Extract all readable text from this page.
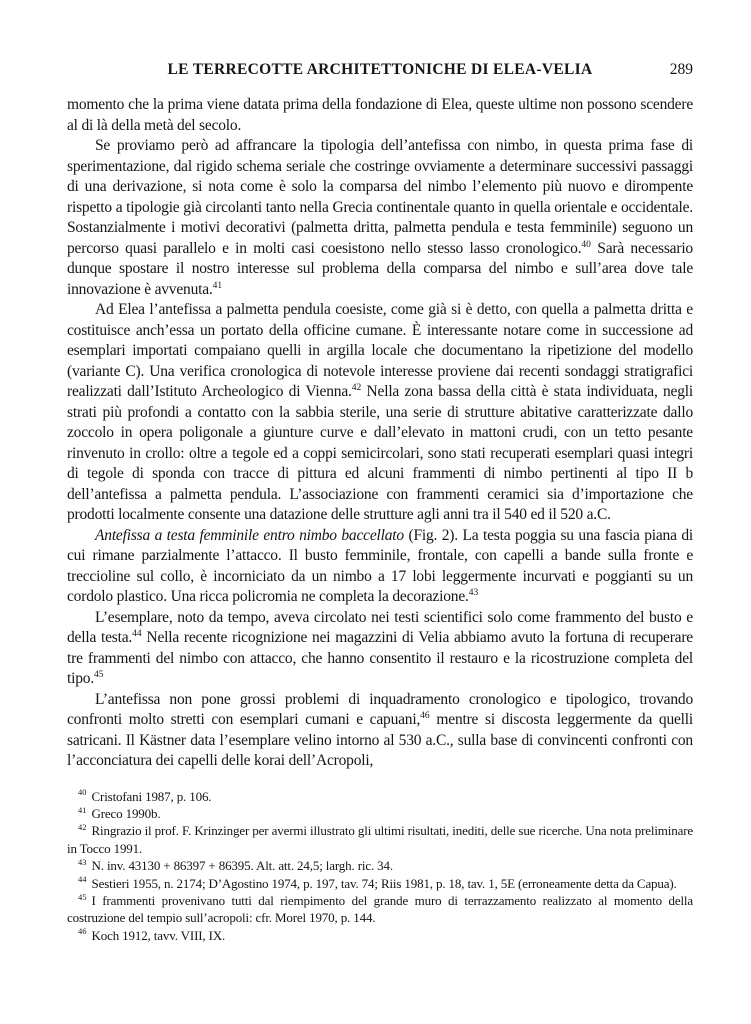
LE TERRECOTTE ARCHITETTONICHE DI ELEA-VELIA	289

momento che la prima viene datata prima della fondazione di Elea, queste ultime non possono scendere al di là della metà del secolo.

Se proviamo però ad affrancare la tipologia dell’antefissa con nimbo, in questa prima fase di sperimentazione, dal rigido schema seriale che costringe ovviamente a determinare successivi passaggi di una derivazione, si nota come è solo la comparsa del nimbo l’elemento più nuovo e dirompente rispetto a tipologie già circolanti tanto nella Grecia continentale quanto in quella orientale e occidentale. Sostanzialmente i motivi decorativi (palmetta dritta, palmetta pendula e testa femminile) seguono un percorso quasi parallelo e in molti casi coesistono nello stesso lasso cronologico.$^{40}$ Sarà necessario dunque spostare il nostro interesse sul problema della comparsa del nimbo e sull’area dove tale innovazione è avvenuta.$^{41}$

Ad Elea l’antefissa a palmetta pendula coesiste, come già si è detto, con quella a palmetta dritta e costituisce anch’essa un portato della officine cumane. È interessante notare come in successione ad esemplari importati compaiano quelli in argilla locale che documentano la ripetizione del modello (variante C). Una verifica cronologica di notevole interesse proviene dai recenti sondaggi stratigrafici realizzati dall’Istituto Archeologico di Vienna.$^{42}$ Nella zona bassa della città è stata individuata, negli strati più profondi a contatto con la sabbia sterile, una serie di strutture abitative caratterizzate dallo zoccolo in opera poligonale a giunture curve e dall’elevato in mattoni crudi, con un tetto pesante rinvenuto in crollo: oltre a tegole ed a coppi semicircolari, sono stati recuperati esemplari quasi integri di tegole di sponda con tracce di pittura ed alcuni frammenti di nimbo pertinenti al tipo II b dell’antefissa a palmetta pendula. L’associazione con frammenti ceramici sia d’importazione che prodotti localmente consente una datazione delle strutture agli anni tra il 540 ed il 520 a.C.

Antefissa a testa femminile entro nimbo baccellato (Fig. 2). La testa poggia su una fascia piana di cui rimane parzialmente l’attacco. Il busto femminile, frontale, con capelli a bande sulla fronte e treccioline sul collo, è incorniciato da un nimbo a 17 lobi leggermente incurvati e poggianti su un cordolo plastico. Una ricca policromia ne completa la decorazione.$^{43}$

L’esemplare, noto da tempo, aveva circolato nei testi scientifici solo come frammento del busto e della testa.$^{44}$ Nella recente ricognizione nei magazzini di Velia abbiamo avuto la fortuna di recuperare tre frammenti del nimbo con attacco, che hanno consentito il restauro e la ricostruzione completa del tipo.$^{45}$

L’antefissa non pone grossi problemi di inquadramento cronologico e tipologico, trovando confronti molto stretti con esemplari cumani e capuani,$^{46}$ mentre si discosta leggermente da quelli satricani. Il Kästner data l’esemplare velino intorno al 530 a.C., sulla base di convincenti confronti con l’acconciatura dei capelli delle korai dell’Acropoli,

$^{40}$ Cristofani 1987, p. 106.

$^{41}$ Greco 1990b.

$^{42}$ Ringrazio il prof. F. Krinzinger per avermi illustrato gli ultimi risultati, inediti, delle sue ricerche. Una nota preliminare in Tocco 1991.

$^{43}$ N. inv. 43130 + 86397 + 86395. Alt. att. 24,5; largh. ric. 34.

$^{44}$ Sestieri 1955, n. 2174; D’Agostino 1974, p. 197, tav. 74; Riis 1981, p. 18, tav. 1, 5E (erroneamente detta da Capua).

$^{45}$ I frammenti provenivano tutti dal riempimento del grande muro di terrazzamento realizzato al momento della costruzione del tempio sull’acropoli: cfr. Morel 1970, p. 144.

$^{46}$ Koch 1912, tavv. VIII, IX.
